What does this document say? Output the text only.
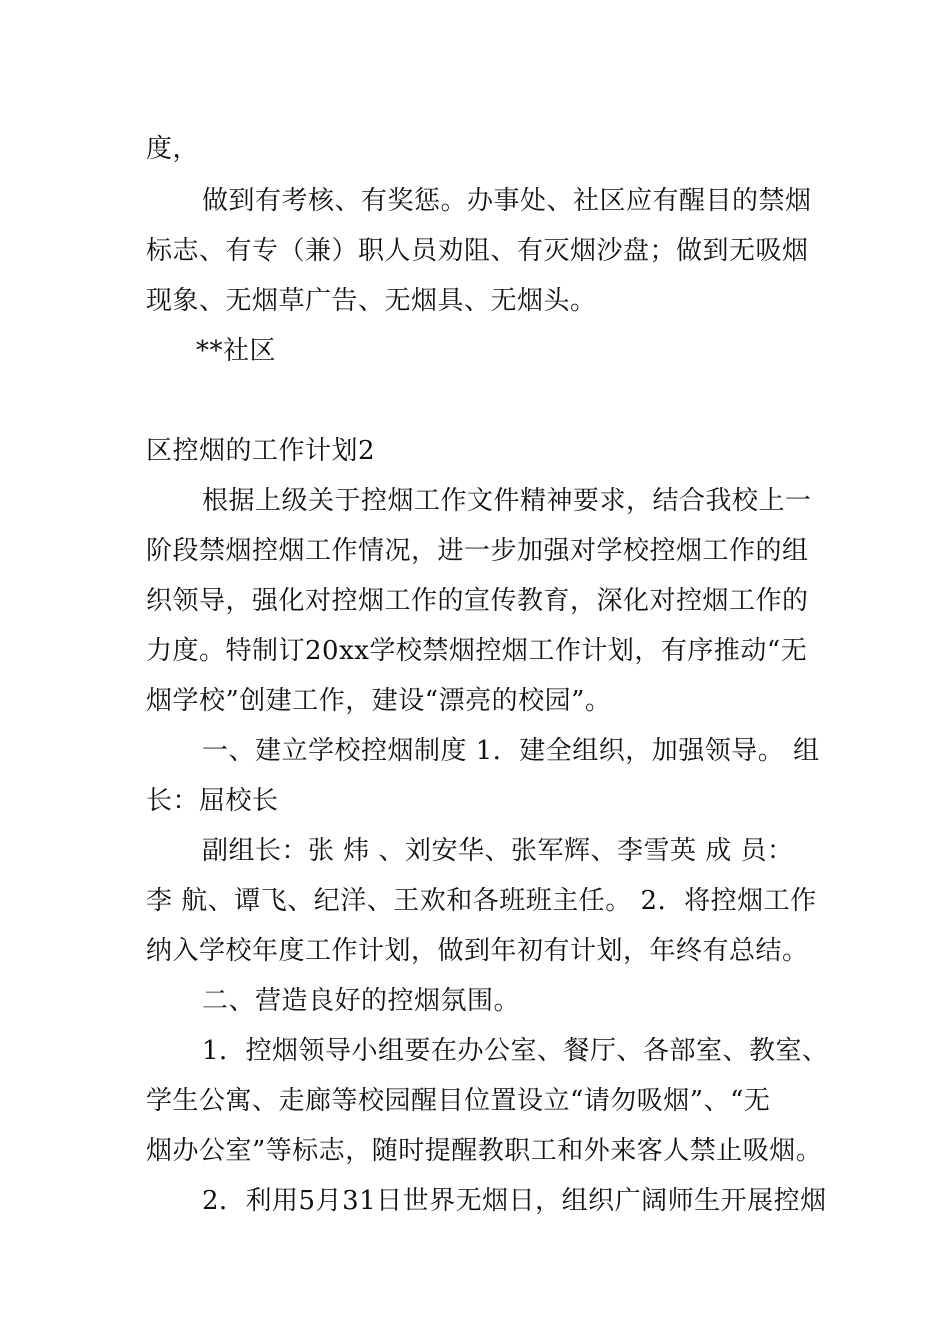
度，
做到有考核、有奖惩。办事处、社区应有醒目的禁烟
标志、有专（兼）职人员劝阻、有灭烟沙盘；做到无吸烟
现象、无烟草广告、无烟具、无烟头。
**社区
区控烟的工作计划2
根据上级关于控烟工作文件精神要求，结合我校上一
阶段禁烟控烟工作情况，进一步加强对学校控烟工作的组
织领导，强化对控烟工作的宣传教育，深化对控烟工作的
力度。特制订20xx学校禁烟控烟工作计划，有序推动“无
烟学校”创建工作，建设“漂亮的校园”。
一、建立学校控烟制度 1．建全组织，加强领导。 组
长：屈校长
副组长：张 炜 、刘安华、张军辉、李雪英 成 员：
李 航、谭飞、纪洋、王欢和各班班主任。 2．将控烟工作
纳入学校年度工作计划，做到年初有计划，年终有总结。
二、营造良好的控烟氛围。
1．控烟领导小组要在办公室、餐厅、各部室、教室、
学生公寓、走廊等校园醒目位置设立“请勿吸烟”、“无
烟办公室”等标志，随时提醒教职工和外来客人禁止吸烟。
2．利用5月31日世界无烟日，组织广阔师生开展控烟
